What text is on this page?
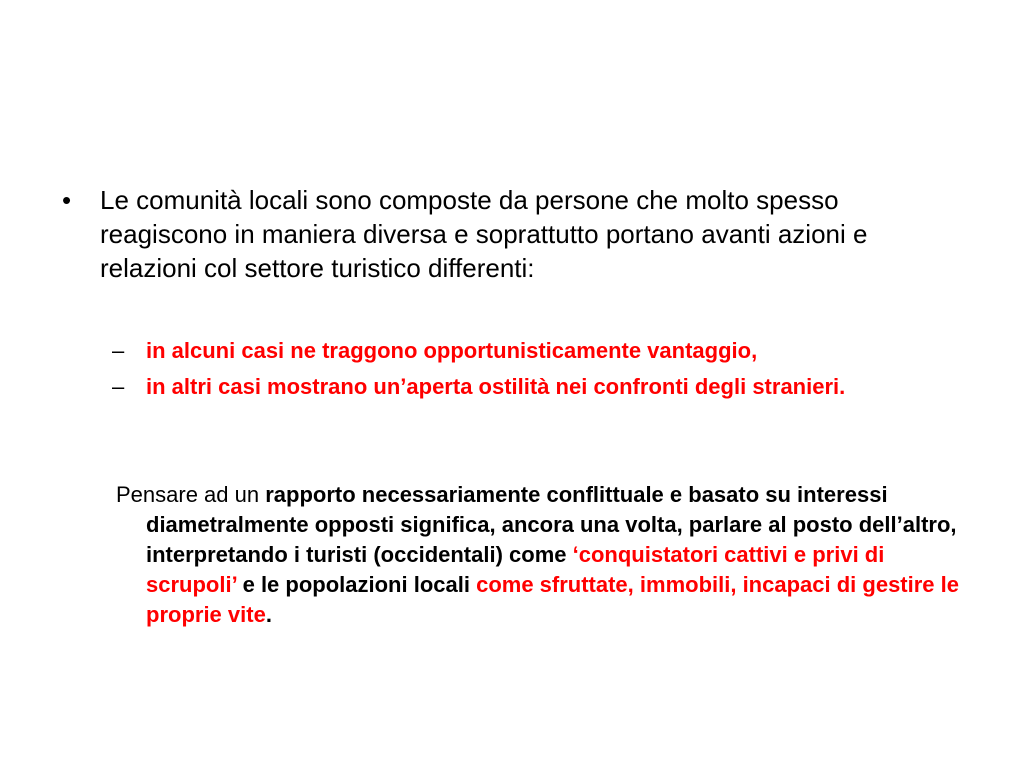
• Le comunità locali sono composte da persone che molto spesso reagiscono in maniera diversa e soprattutto portano avanti azioni e relazioni col settore turistico differenti:
– in alcuni casi ne traggono opportunisticamente vantaggio,
– in altri casi mostrano un’aperta ostilità nei confronti degli stranieri.
Pensare ad un rapporto necessariamente conflittuale e basato su interessi diametralmente opposti significa, ancora una volta, parlare al posto dell’altro, interpretando i turisti (occidentali) come ‘conquistatori cattivi e privi di scrupoli’ e le popolazioni locali come sfruttate, immobili, incapaci di gestire le proprie vite.
